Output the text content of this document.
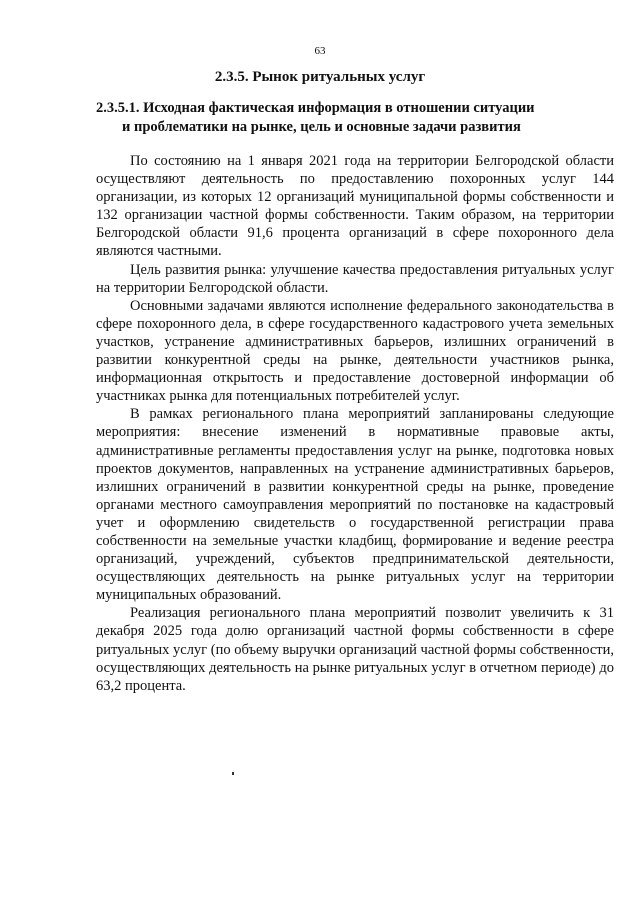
63
2.3.5. Рынок ритуальных услуг
2.3.5.1. Исходная фактическая информация в отношении ситуации
и проблематики на рынке, цель и основные задачи развития

По состоянию на 1 января 2021 года на территории Белгородской области осуществляют деятельность по предоставлению похоронных услуг 144 организации, из которых 12 организаций муниципальной формы собственности и 132 организации частной формы собственности. Таким образом, на территории Белгородской области 91,6 процента организаций в сфере похоронного дела являются частными.

Цель развития рынка: улучшение качества предоставления ритуальных услуг на территории Белгородской области.

Основными задачами являются исполнение федерального законодательства в сфере похоронного дела, в сфере государственного кадастрового учета земельных участков, устранение административных барьеров, излишних ограничений в развитии конкурентной среды на рынке, деятельности участников рынка, информационная открытость и предоставление достоверной информации об участниках рынка для потенциальных потребителей услуг.

В рамках регионального плана мероприятий запланированы следующие мероприятия: внесение изменений в нормативные правовые акты, административные регламенты предоставления услуг на рынке, подготовка новых проектов документов, направленных на устранение административных барьеров, излишних ограничений в развитии конкурентной среды на рынке, проведение органами местного самоуправления мероприятий по постановке на кадастровый учет и оформлению свидетельств о государственной регистрации права собственности на земельные участки кладбищ, формирование и ведение реестра организаций, учреждений, субъектов предпринимательской деятельности, осуществляющих деятельность на рынке ритуальных услуг на территории муниципальных образований.

Реализация регионального плана мероприятий позволит увеличить к 31 декабря 2025 года долю организаций частной формы собственности в сфере ритуальных услуг (по объему выручки организаций частной формы собственности, осуществляющих деятельность на рынке ритуальных услуг в отчетном периоде) до 63,2 процента.
